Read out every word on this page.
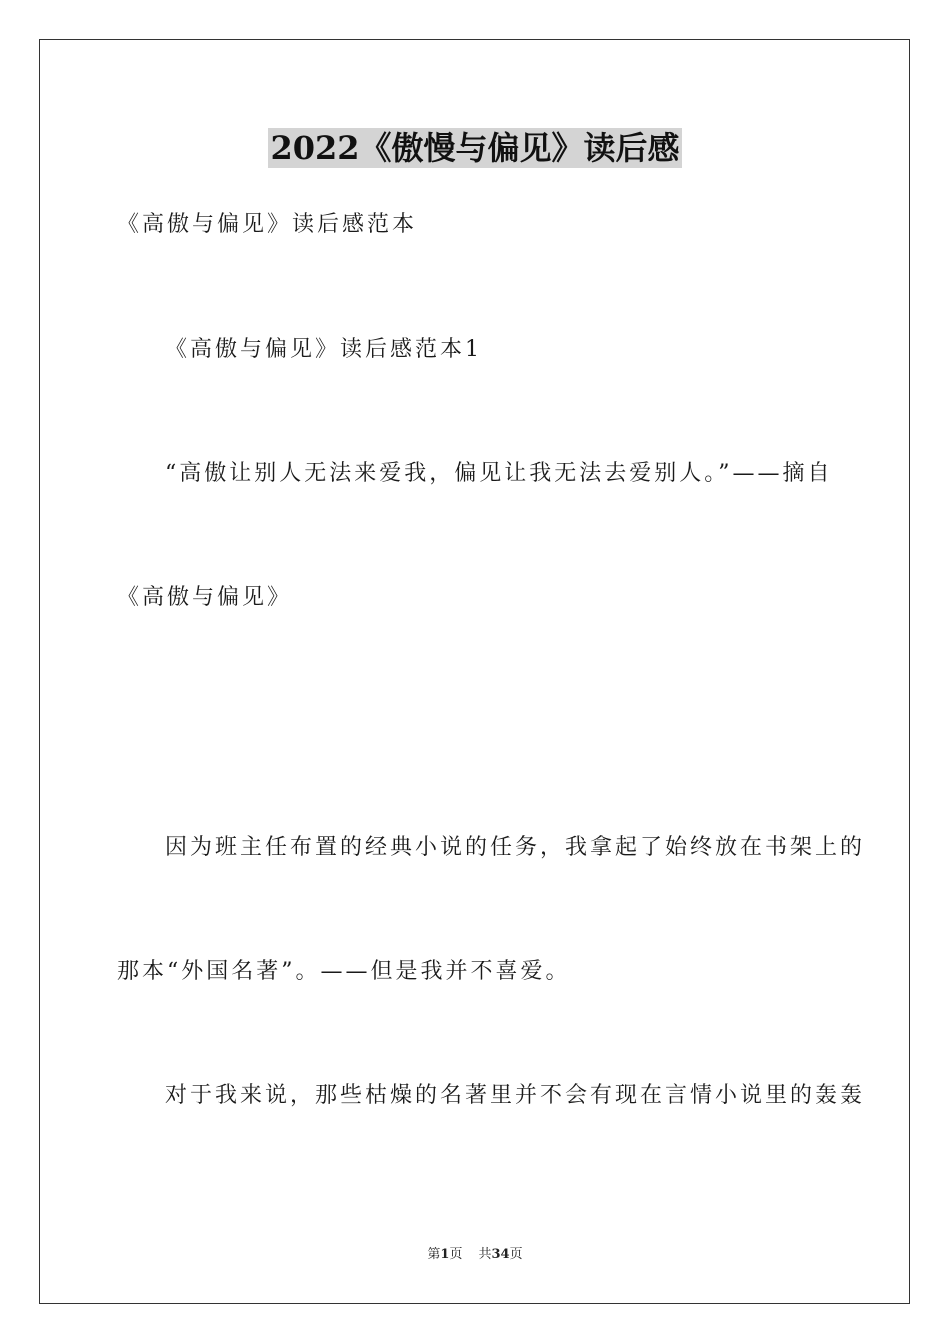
2022《傲慢与偏见》读后感
《高傲与偏见》读后感范本
《高傲与偏见》读后感范本1
“高傲让别人无法来爱我，偏见让我无法去爱别人。”——摘自
《高傲与偏见》
因为班主任布置的经典小说的任务，我拿起了始终放在书架上的
那本“外国名著”。——但是我并不喜爱。
对于我来说，那些枯燥的名著里并不会有现在言情小说里的轰轰
第1页 共34页
